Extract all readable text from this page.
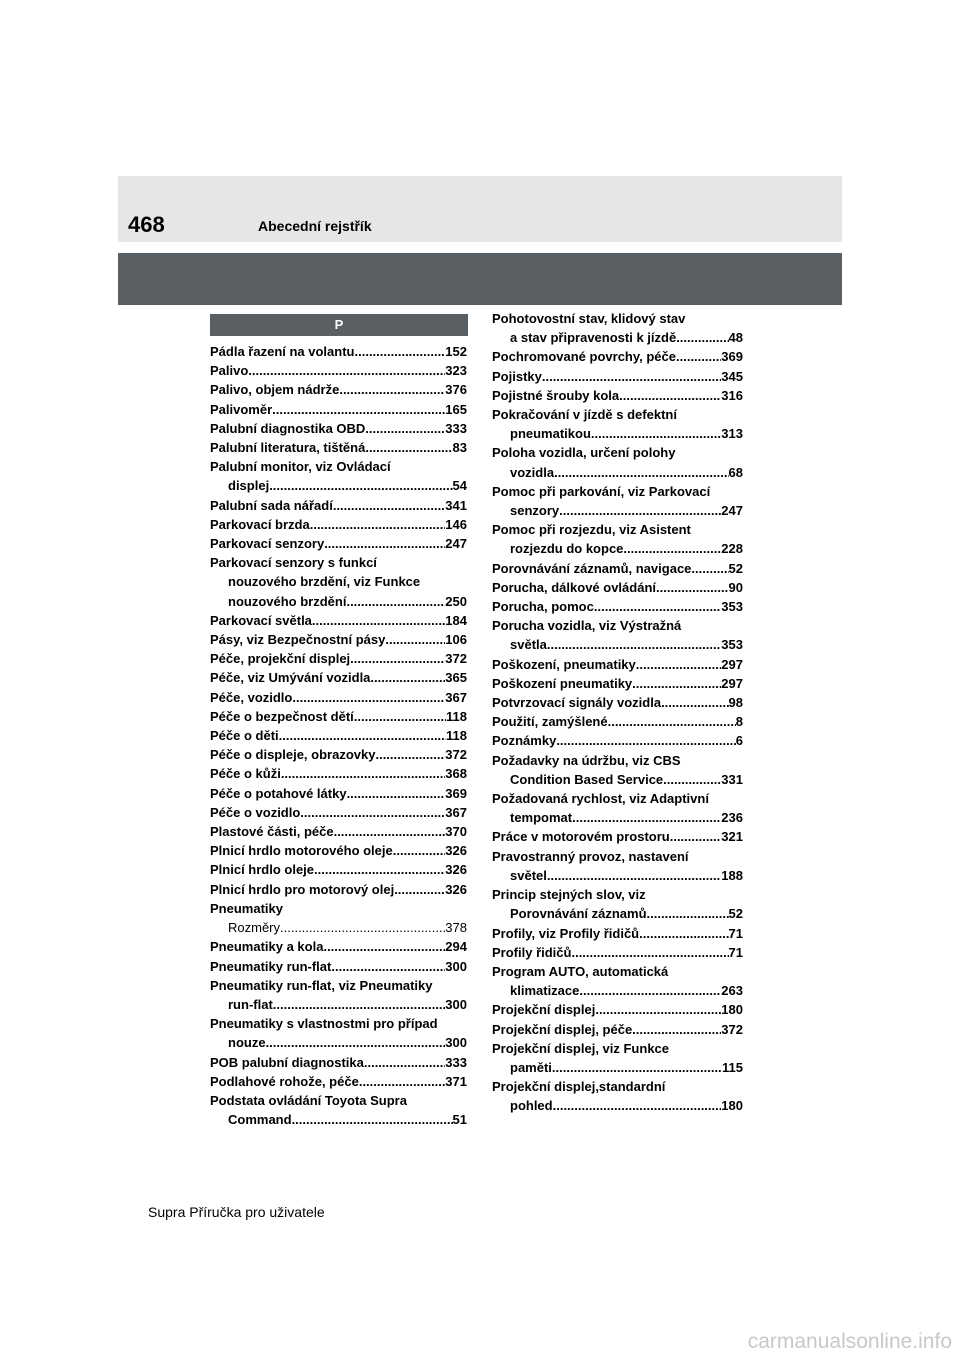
468	Abecední rejstřík
P
Pádla řazení na volantu .....	152
Palivo .....	323
Palivo, objem nádrže .....	376
Palivoměr .....	165
Palubní diagnostika OBD .....	333
Palubní literatura, tištěná .....	83
Palubní monitor, viz Ovládací
displej .....	54
Palubní sada nářadí .....	341
Parkovací brzda .....	146
Parkovací senzory .....	247
Parkovací senzory s funkcí
nouzového brzdění, viz Funkce
nouzového brzdění. .....	250
Parkovací světla .....	184
Pásy, viz Bezpečnostní pásy .....	106
Péče, projekční displej .....	372
Péče, viz Umývání vozidla .....	365
Péče, vozidlo .....	367
Péče o bezpečnost dětí .....	118
Péče o děti. .....	118
Péče o displeje, obrazovky .....	372
Péče o kůži .....	368
Péče o potahové látky .....	369
Péče o vozidlo. .....	367
Plastové části, péče .....	370
Plnicí hrdlo motorového oleje .....	326
Plnicí hrdlo oleje .....	326
Plnicí hrdlo pro motorový olej .....	326
Pneumatiky
Rozměry .....	378
Pneumatiky a kola .....	294
Pneumatiky run-flat .....	300
Pneumatiky run-flat, viz Pneumatiky
run-flat .....	300
Pneumatiky s vlastnostmi pro případ
nouze .....	300
POB palubní diagnostika .....	333
Podlahové rohože, péče .....	371
Podstata ovládání Toyota Supra
Command .....	51
Pohotovostní stav, klidový stav
a stav připravenosti k jízdě .....	48
Pochromované povrchy, péče .....	369
Pojistky .....	345
Pojistné šrouby kola .....	316
Pokračování v jízdě s defektní
pneumatikou .....	313
Poloha vozidla, určení polohy
vozidla .....	68
Pomoc při parkování, viz Parkovací
senzory .....	247
Pomoc při rozjezdu, viz Asistent
rozjezdu do kopce .....	228
Porovnávání záznamů, navigace .....	52
Porucha, dálkové ovládání .....	90
Porucha, pomoc .....	353
Porucha vozidla, viz Výstražná
světla .....	353
Poškození, pneumatiky .....	297
Poškození pneumatiky .....	297
Potvrzovací signály vozidla .....	98
Použití, zamýšlené .....	8
Poznámky .....	6
Požadavky na údržbu, viz CBS
Condition Based Service .....	331
Požadovaná rychlost, viz Adaptivní
tempomat .....	236
Práce v motorovém prostoru .....	321
Pravostranný provoz, nastavení
světel .....	188
Princip stejných slov, viz
Porovnávání záznamů .....	52
Profily, viz Profily řidičů .....	71
Profily řidičů. .....	71
Program AUTO, automatická
klimatizace .....	263
Projekční displej .....	180
Projekční displej, péče .....	372
Projekční displej, viz Funkce
paměti .....	115
Projekční displej,standardní
pohled .....	180
Supra Příručka pro uživatele
carmanualsonline.info
